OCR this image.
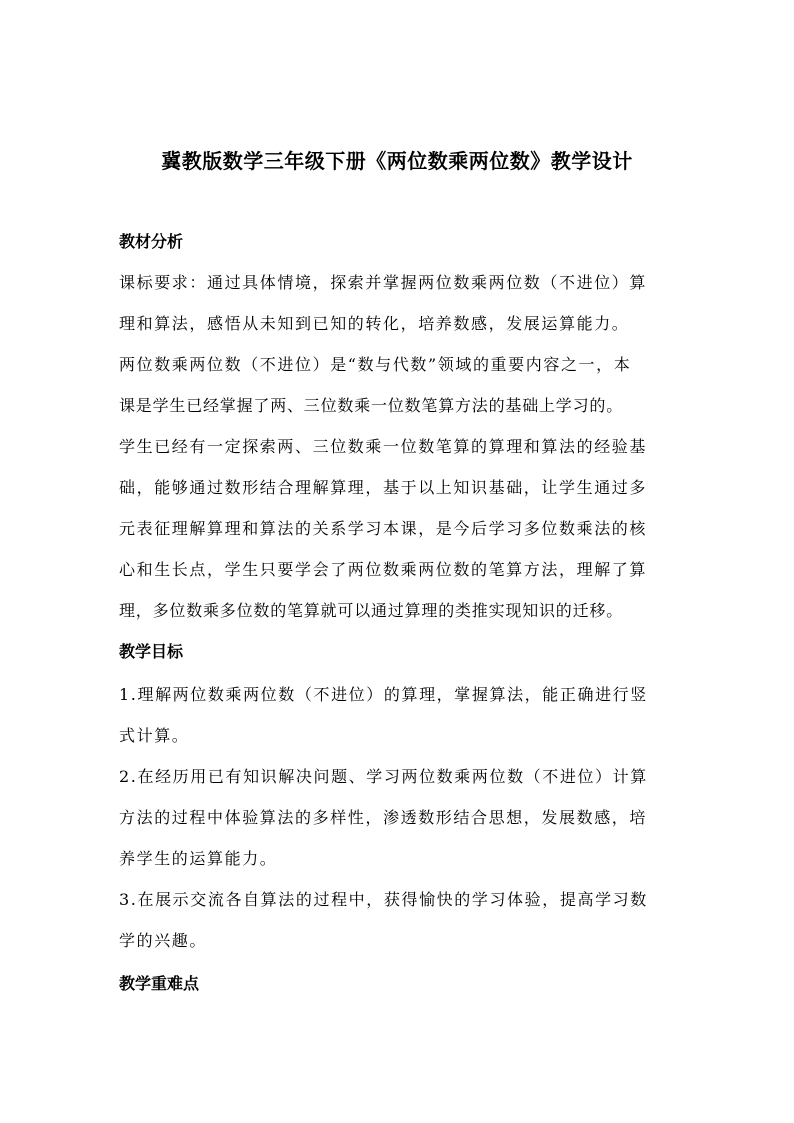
冀教版数学三年级下册《两位数乘两位数》教学设计
教材分析
课标要求：通过具体情境，探索并掌握两位数乘两位数（不进位）算
理和算法，感悟从未知到已知的转化，培养数感，发展运算能力。
两位数乘两位数（不进位）是“数与代数”领域的重要内容之一，本
课是学生已经掌握了两、三位数乘一位数笔算方法的基础上学习的。
学生已经有一定探索两、三位数乘一位数笔算的算理和算法的经验基
础，能够通过数形结合理解算理，基于以上知识基础，让学生通过多
元表征理解算理和算法的关系学习本课，是今后学习多位数乘法的核
心和生长点，学生只要学会了两位数乘两位数的笔算方法，理解了算
理，多位数乘多位数的笔算就可以通过算理的类推实现知识的迁移。
教学目标
1.理解两位数乘两位数（不进位）的算理，掌握算法，能正确进行竖
式计算。
2.在经历用已有知识解决问题、学习两位数乘两位数（不进位）计算
方法的过程中体验算法的多样性，渗透数形结合思想，发展数感，培
养学生的运算能力。
3.在展示交流各自算法的过程中，获得愉快的学习体验，提高学习数
学的兴趣。
教学重难点
